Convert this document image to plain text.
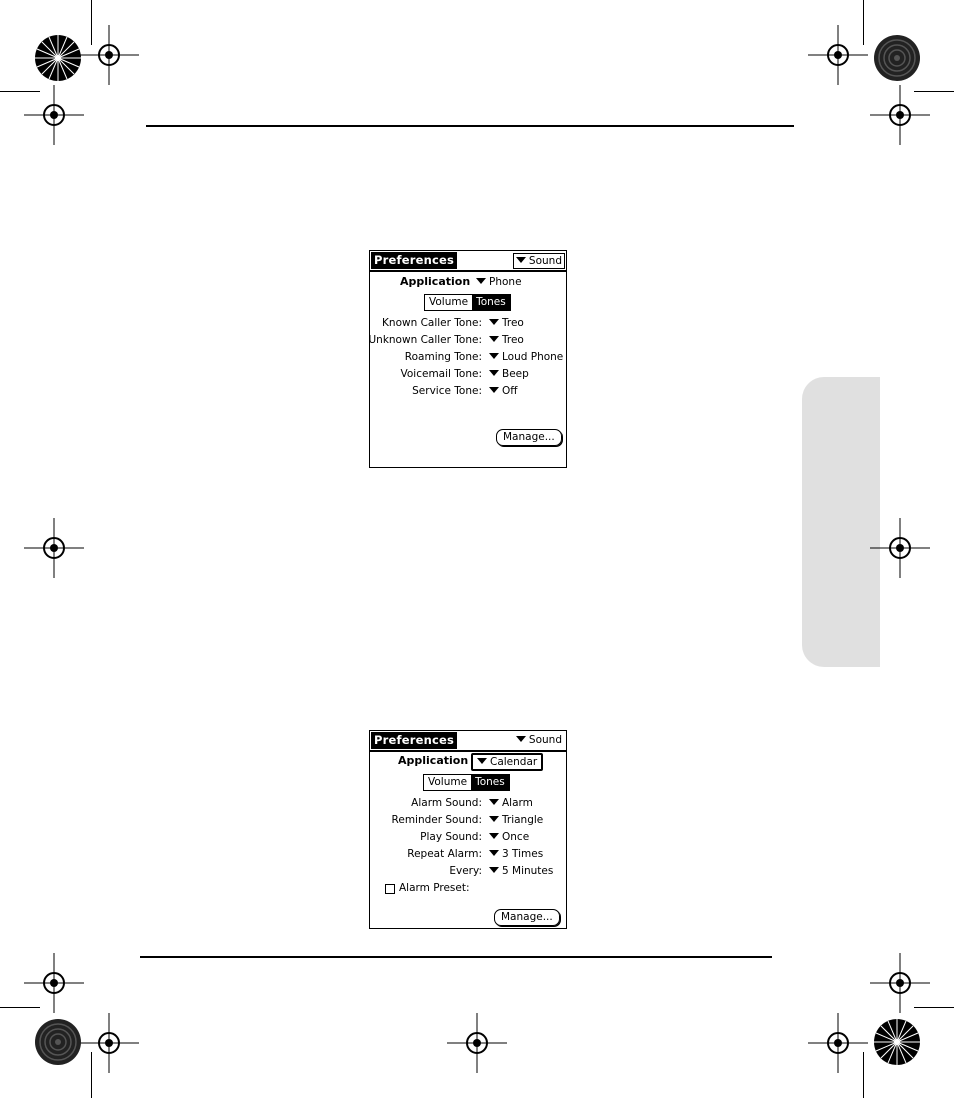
Preferences	Sound
Application	Phone
Volume Tones
Known Caller Tone:	Treo
Unknown Caller Tone:	Treo
Roaming Tone:	Loud Phone
Voicemail Tone:	Beep
Service Tone:	Off
Manage...
Preferences	Sound
Application	Calendar
Volume Tones
Alarm Sound:	Alarm
Reminder Sound:	Triangle
Play Sound:	Once
Repeat Alarm:	3 Times
Every:	5 Minutes
Alarm Preset:
Manage...
